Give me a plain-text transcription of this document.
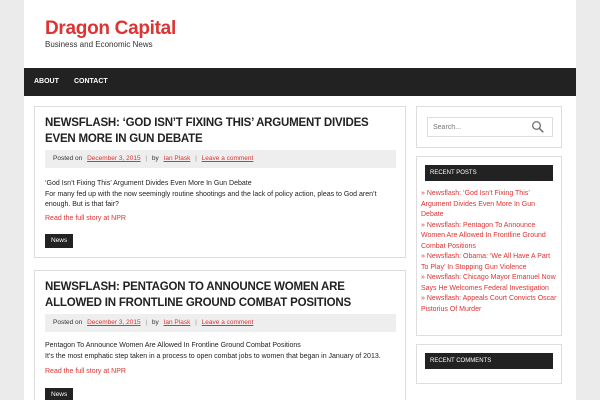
Dragon Capital
Business and Economic News
ABOUT CONTACT
NEWSFLASH: ‘GOD ISN’T FIXING THIS’ ARGUMENT DIVIDES EVEN MORE IN GUN DEBATE
Posted on December 3, 2015 | by Ian Plask | Leave a comment
‘God Isn’t Fixing This’ Argument Divides Even More In Gun Debate
For many fed up with the now seemingly routine shootings and the lack of policy action, pleas to God aren’t enough. But is that fair?
Read the full story at NPR
News
NEWSFLASH: PENTAGON TO ANNOUNCE WOMEN ARE ALLOWED IN FRONTLINE GROUND COMBAT POSITIONS
Posted on December 3, 2015 | by Ian Plask | Leave a comment
Pentagon To Announce Women Are Allowed In Frontline Ground Combat Positions
It’s the most emphatic step taken in a process to open combat jobs to women that began in January of 2013.
Read the full story at NPR
News
Search...
RECENT POSTS
» Newsflash: ‘God Isn’t Fixing This’ Argument Divides Even More In Gun Debate
» Newsflash: Pentagon To Announce Women Are Allowed In Frontline Ground Combat Positions
» Newsflash: Obama: ‘We All Have A Part To Play’ In Stopping Gun Violence
» Newsflash: Chicago Mayor Emanuel Now Says He Welcomes Federal Investigation
» Newsflash: Appeals Court Convicts Oscar Pistorius Of Murder
RECENT COMMENTS
